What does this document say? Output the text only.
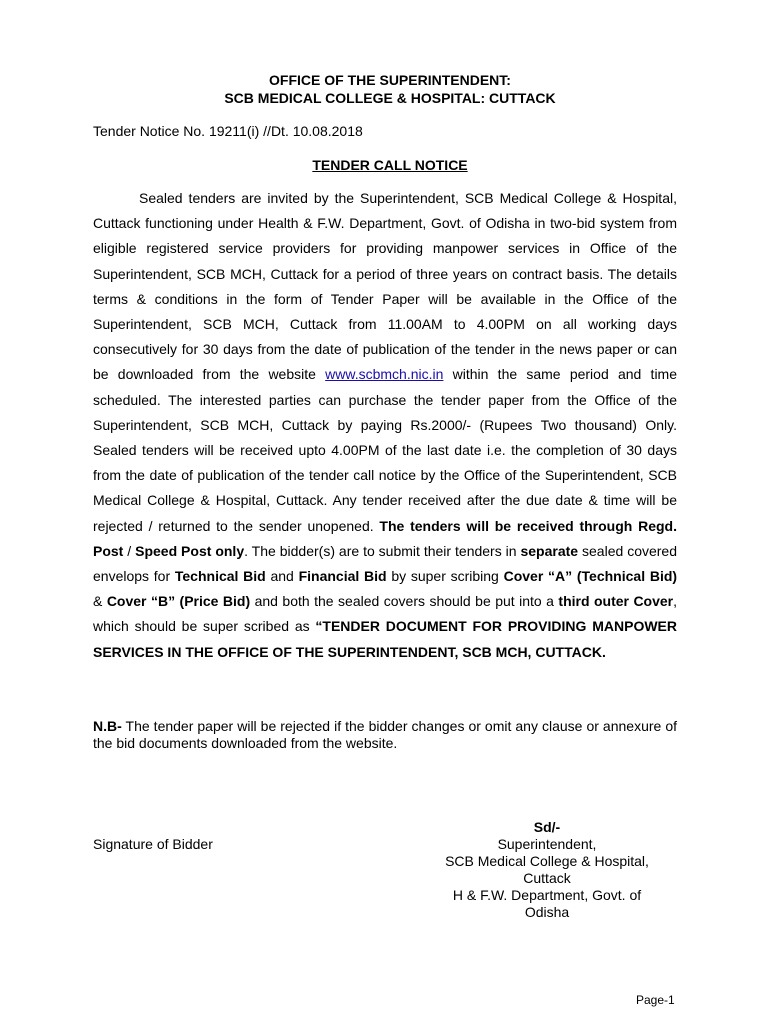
OFFICE OF THE SUPERINTENDENT:
SCB MEDICAL COLLEGE & HOSPITAL: CUTTACK
Tender Notice No. 19211(i) //Dt. 10.08.2018
TENDER CALL NOTICE
Sealed tenders are invited by the Superintendent, SCB Medical College & Hospital, Cuttack functioning under Health & F.W. Department, Govt. of Odisha in two-bid system from eligible registered service providers for providing manpower services in Office of the Superintendent, SCB MCH, Cuttack for a period of three years on contract basis. The details terms & conditions in the form of Tender Paper will be available in the Office of the Superintendent, SCB MCH, Cuttack from 11.00AM to 4.00PM on all working days consecutively for 30 days from the date of publication of the tender in the news paper or can be downloaded from the website www.scbmch.nic.in within the same period and time scheduled. The interested parties can purchase the tender paper from the Office of the Superintendent, SCB MCH, Cuttack by paying Rs.2000/- (Rupees Two thousand) Only. Sealed tenders will be received upto 4.00PM of the last date i.e. the completion of 30 days from the date of publication of the tender call notice by the Office of the Superintendent, SCB Medical College & Hospital, Cuttack. Any tender received after the due date & time will be rejected / returned to the sender unopened. The tenders will be received through Regd. Post / Speed Post only. The bidder(s) are to submit their tenders in separate sealed covered envelops for Technical Bid and Financial Bid by super scribing Cover “A” (Technical Bid) & Cover “B” (Price Bid) and both the sealed covers should be put into a third outer Cover, which should be super scribed as “TENDER DOCUMENT FOR PROVIDING MANPOWER SERVICES IN THE OFFICE OF THE SUPERINTENDENT, SCB MCH, CUTTACK.
N.B- The tender paper will be rejected if the bidder changes or omit any clause or annexure of the bid documents downloaded from the website.
Signature of Bidder
Sd/-
Superintendent,
SCB Medical College & Hospital,
Cuttack
H & F.W. Department, Govt. of
Odisha
Page-1
